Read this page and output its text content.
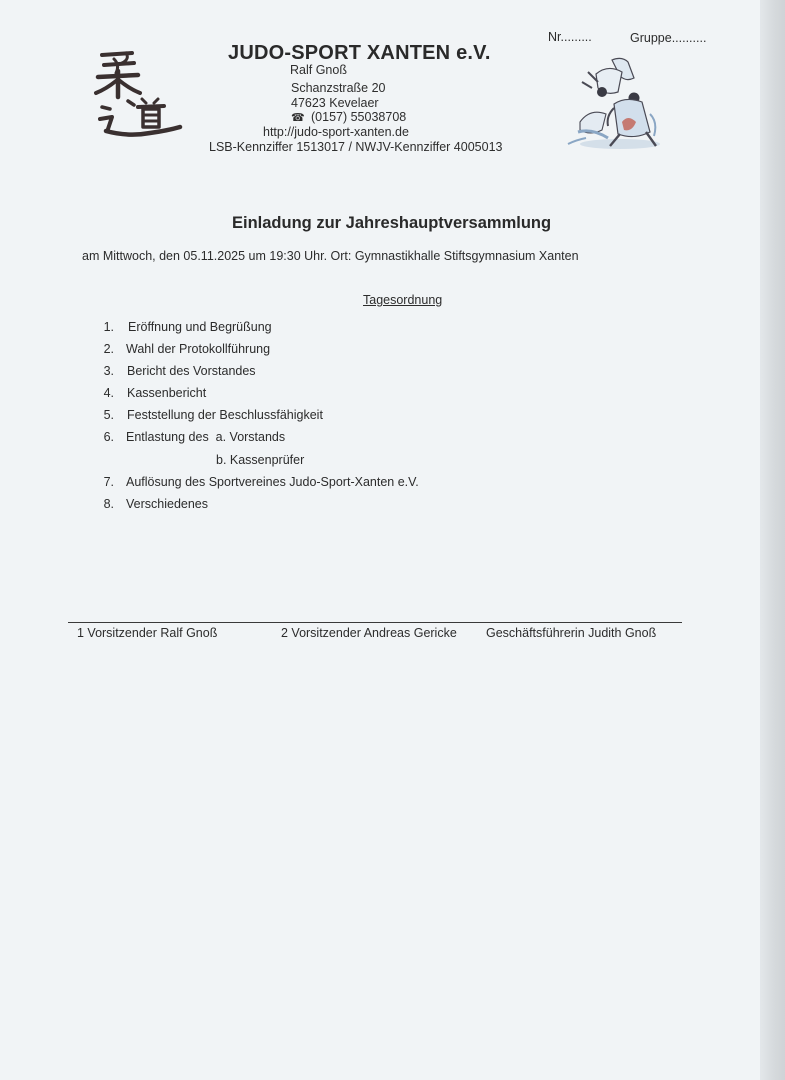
Nr.........	Gruppe..........
JUDO-SPORT XANTEN e.V.
Ralf Gnoß
Schanzstraße 20
47623 Kevelaer
☎ (0157) 55038708
http://judo-sport-xanten.de
LSB-Kennziffer 1513017 / NWJV-Kennziffer 4005013
Einladung zur Jahreshauptversammlung
am Mittwoch, den 05.11.2025 um 19:30 Uhr. Ort: Gymnastikhalle Stiftsgymnasium Xanten
Tagesordnung
1. Eröffnung und Begrüßung
2. Wahl der Protokollführung
3. Bericht des Vorstandes
4. Kassenbericht
5. Feststellung der Beschlussfähigkeit
6. Entlastung des  a. Vorstands
b. Kassenprüfer
7. Auflösung des Sportvereines Judo-Sport-Xanten e.V.
8. Verschiedenes
1 Vorsitzender Ralf Gnoß	2 Vorsitzender Andreas Gericke Geschäftsführerin Judith Gnoß
